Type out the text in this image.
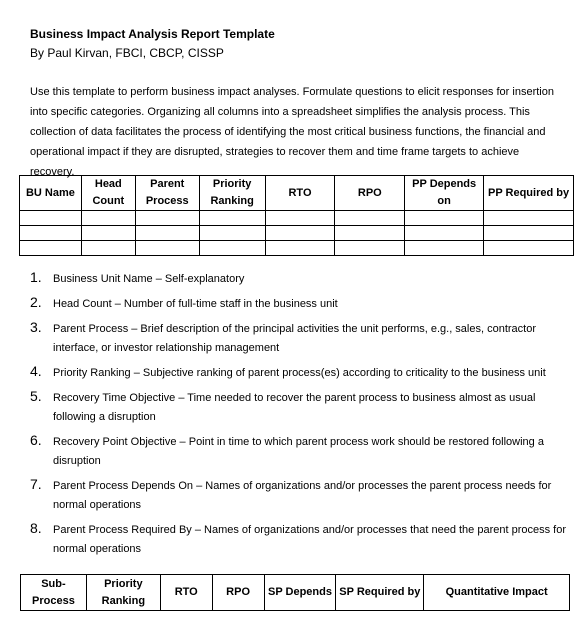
Business Impact Analysis Report Template
By Paul Kirvan, FBCI, CBCP, CISSP
Use this template to perform business impact analyses. Formulate questions to elicit responses for insertion into specific categories. Organizing all columns into a spreadsheet simplifies the analysis process. This collection of data facilitates the process of identifying the most critical business functions, the financial and operational impact if they are disrupted, strategies to recover them and time frame targets to achieve recovery.
BU Name	Head Count	Parent Process	Priority Ranking	RTO	RPO	PP Depends on	PP Required by

1. Business Unit Name – Self-explanatory
2. Head Count – Number of full-time staff in the business unit
3. Parent Process – Brief description of the principal activities the unit performs, e.g., sales, contractor interface, or investor relationship management
4. Priority Ranking – Subjective ranking of parent process(es) according to criticality to the business unit
5. Recovery Time Objective – Time needed to recover the parent process to business almost as usual following a disruption
6. Recovery Point Objective – Point in time to which parent process work should be restored following a disruption
7. Parent Process Depends On – Names of organizations and/or processes the parent process needs for normal operations
8. Parent Process Required By – Names of organizations and/or processes that need the parent process for normal operations
Sub-Process	Priority Ranking	RTO	RPO	SP Depends	SP Required by	Quantitative Impact
